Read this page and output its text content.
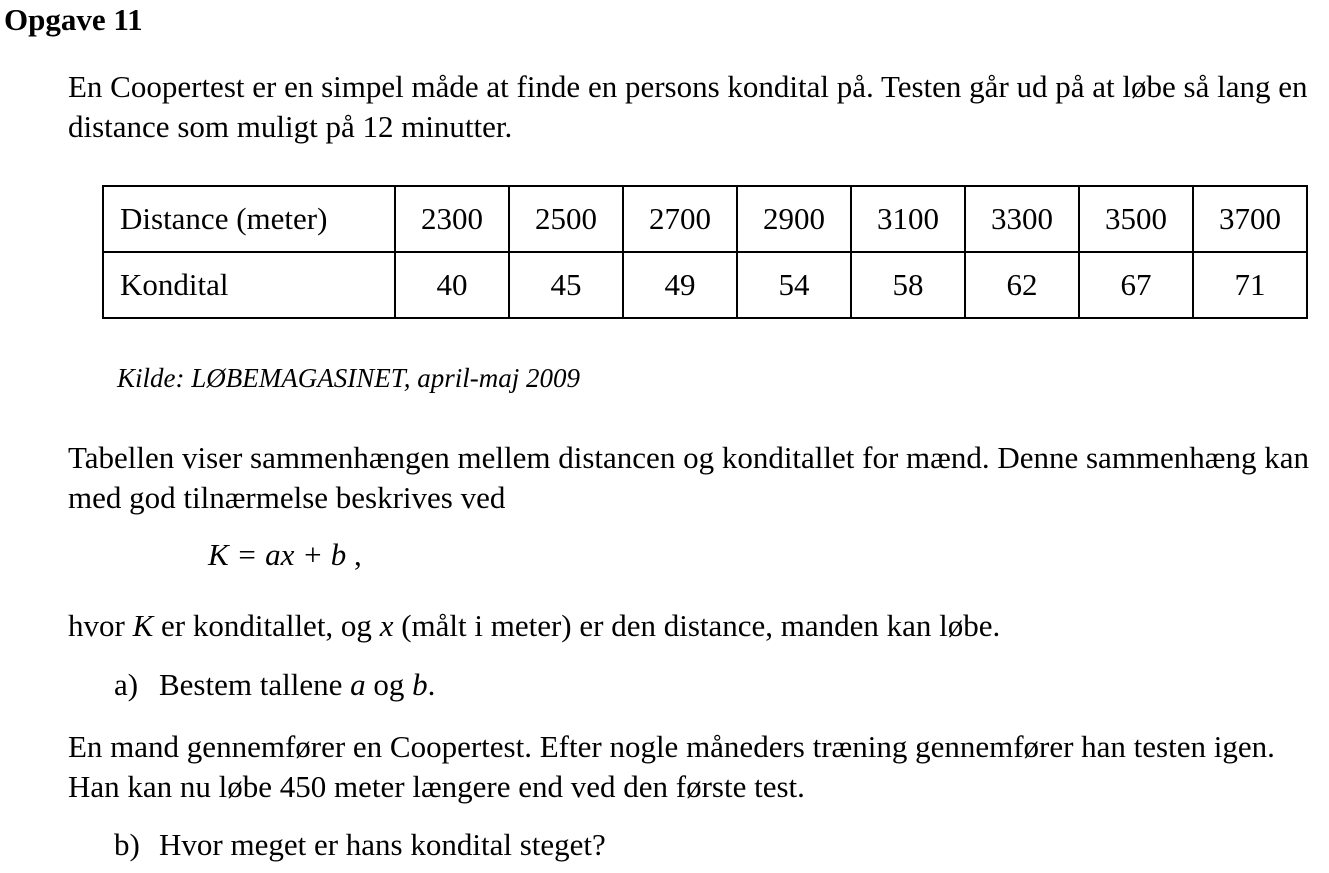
Opgave 11

En Coopertest er en simpel måde at finde en persons kondital på. Testen går ud på at løbe så lang en distance som muligt på 12 minutter.

Distance (meter)	2300	2500	2700	2900	3100	3300	3500	3700
Kondital	40	45	49	54	58	62	67	71

Kilde: LØBEMAGASINET, april-maj 2009

Tabellen viser sammenhængen mellem distancen og konditallet for mænd. Denne sammenhæng kan med god tilnærmelse beskrives ved

K = ax + b ,

hvor K er konditallet, og x (målt i meter) er den distance, manden kan løbe.

a) Bestem tallene a og b.

En mand gennemfører en Coopertest. Efter nogle måneders træning gennemfører han testen igen. Han kan nu løbe 450 meter længere end ved den første test.

b) Hvor meget er hans kondital steget?
